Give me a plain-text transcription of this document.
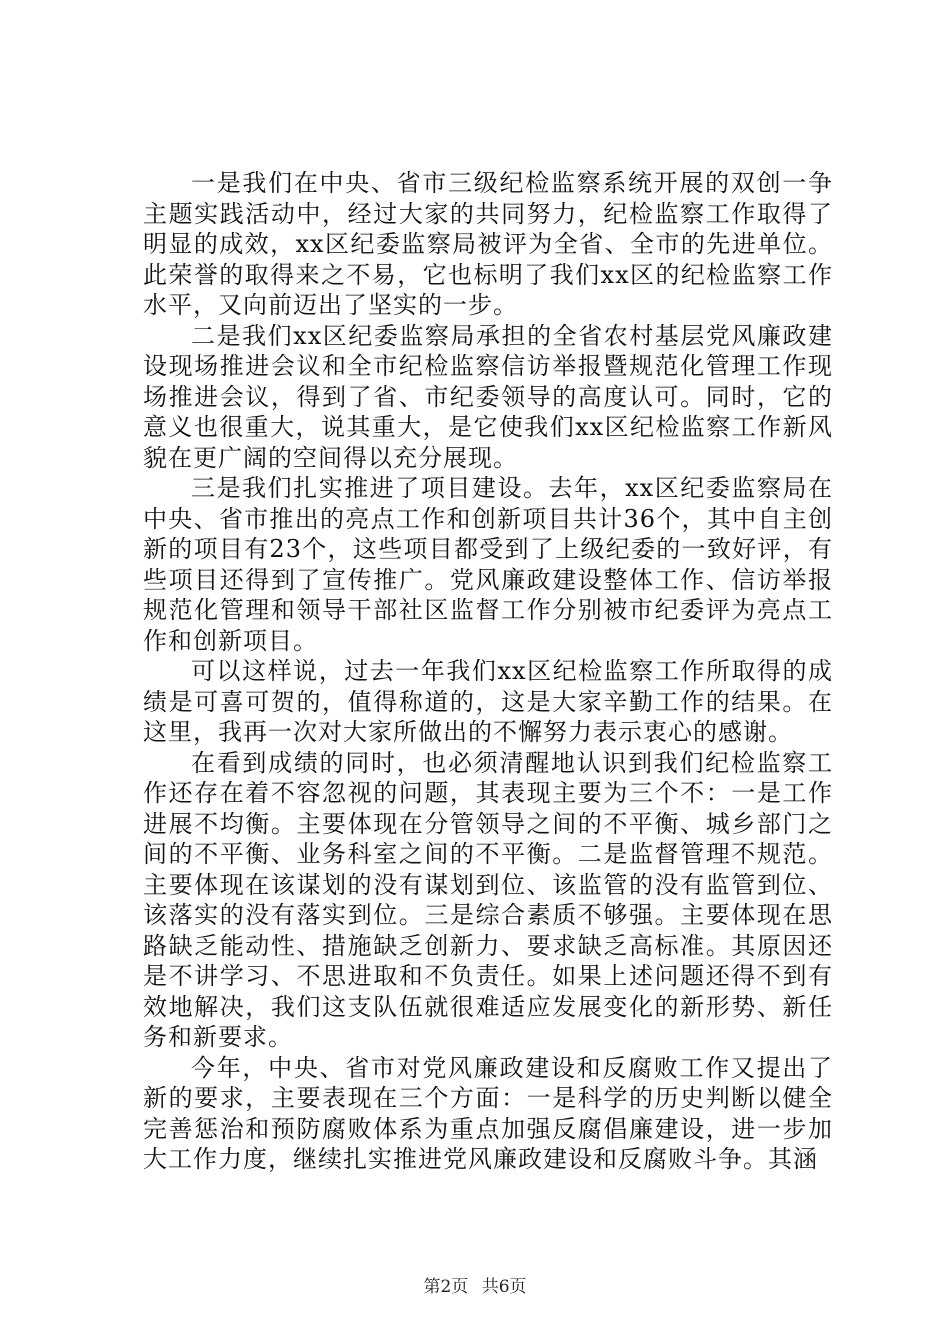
一是我们在中央、省市三级纪检监察系统开展的双创一争主题实践活动中，经过大家的共同努力，纪检监察工作取得了明显的成效，xx区纪委监察局被评为全省、全市的先进单位。此荣誉的取得来之不易，它也标明了我们xx区的纪检监察工作水平，又向前迈出了坚实的一步。

二是我们xx区纪委监察局承担的全省农村基层党风廉政建设现场推进会议和全市纪检监察信访举报暨规范化管理工作现场推进会议，得到了省、市纪委领导的高度认可。同时，它的意义也很重大，说其重大，是它使我们xx区纪检监察工作新风貌在更广阔的空间得以充分展现。

三是我们扎实推进了项目建设。去年，xx区纪委监察局在中央、省市推出的亮点工作和创新项目共计36个，其中自主创新的项目有23个，这些项目都受到了上级纪委的一致好评，有些项目还得到了宣传推广。党风廉政建设整体工作、信访举报规范化管理和领导干部社区监督工作分别被市纪委评为亮点工作和创新项目。

可以这样说，过去一年我们xx区纪检监察工作所取得的成绩是可喜可贺的，值得称道的，这是大家辛勤工作的结果。在这里，我再一次对大家所做出的不懈努力表示衷心的感谢。

在看到成绩的同时，也必须清醒地认识到我们纪检监察工作还存在着不容忽视的问题，其表现主要为三个不：一是工作进展不均衡。主要体现在分管领导之间的不平衡、城乡部门之间的不平衡、业务科室之间的不平衡。二是监督管理不规范。主要体现在该谋划的没有谋划到位、该监管的没有监管到位、该落实的没有落实到位。三是综合素质不够强。主要体现在思路缺乏能动性、措施缺乏创新力、要求缺乏高标准。其原因还是不讲学习、不思进取和不负责任。如果上述问题还得不到有效地解决，我们这支队伍就很难适应发展变化的新形势、新任务和新要求。

今年，中央、省市对党风廉政建设和反腐败工作又提出了新的要求，主要表现在三个方面：一是科学的历史判断以健全完善惩治和预防腐败体系为重点加强反腐倡廉建设，进一步加大工作力度，继续扎实推进党风廉政建设和反腐败斗争。其涵

第2页 共6页
